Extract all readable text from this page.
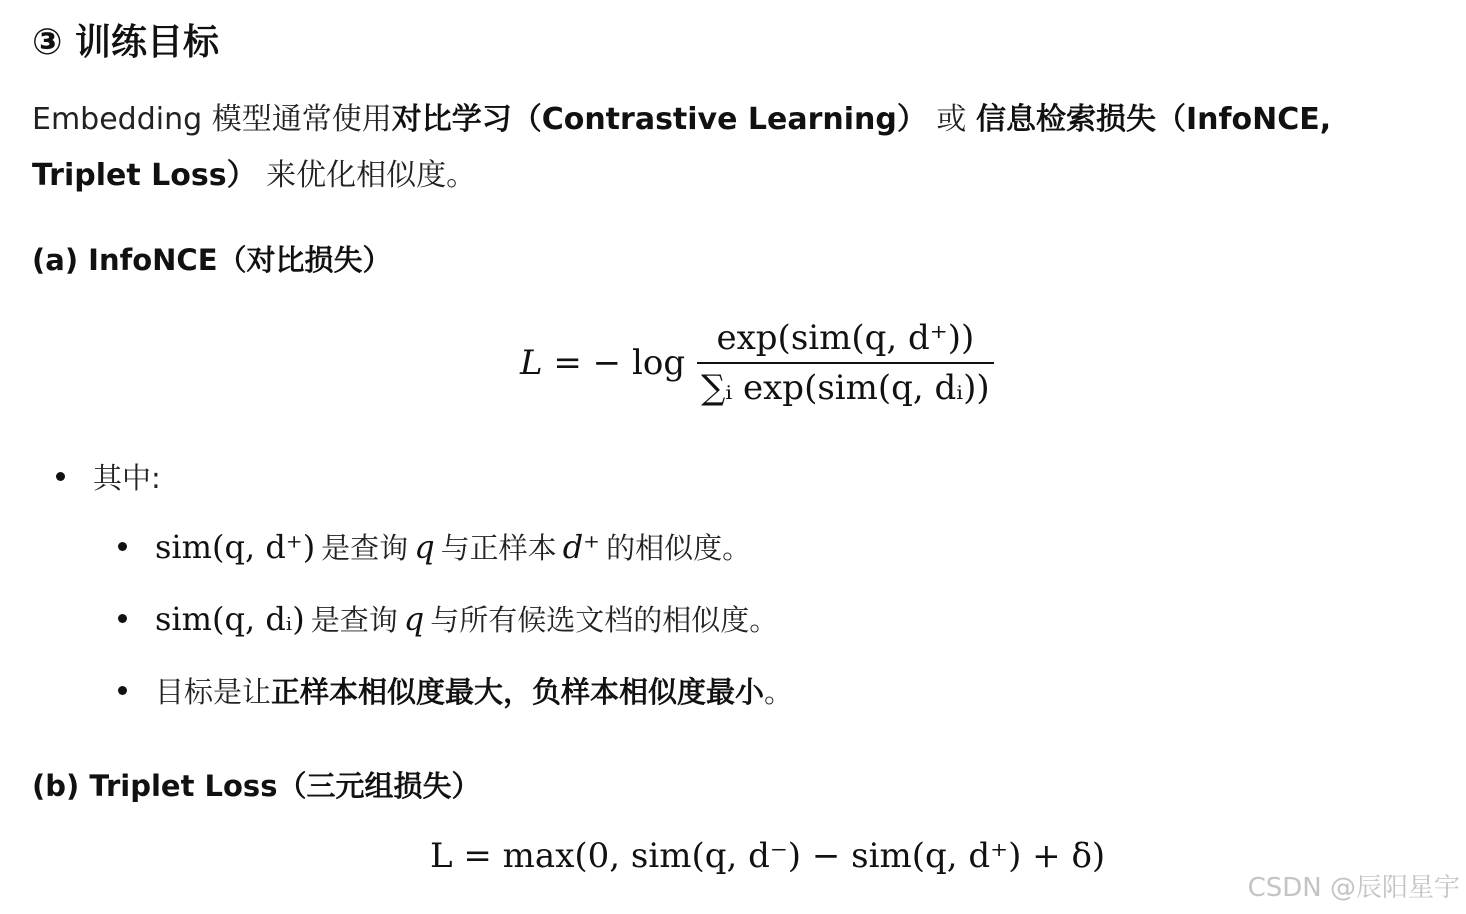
③ 训练目标
Embedding 模型通常使用对比学习（Contrastive Learning） 或 信息检索损失（InfoNCE, Triplet Loss） 来优化相似度。
(a) InfoNCE（对比损失）
L = − $\log \frac{\text{exp(sim(q, d⁺))}}{\text{∑ᵢ exp(sim(q, dᵢ))}}$
其中:
sim(q, d⁺) 是查询 q 与正样本 d⁺ 的相似度。
sim(q, dᵢ) 是查询 q 与所有候选文档的相似度。
目标是让 正样本相似度最大，负样本相似度最小 。
(b) Triplet Loss（三元组损失）
L = max(0, sim(q, d⁻) − sim(q, d⁺) + δ)
CSDN @辰阳星宇
